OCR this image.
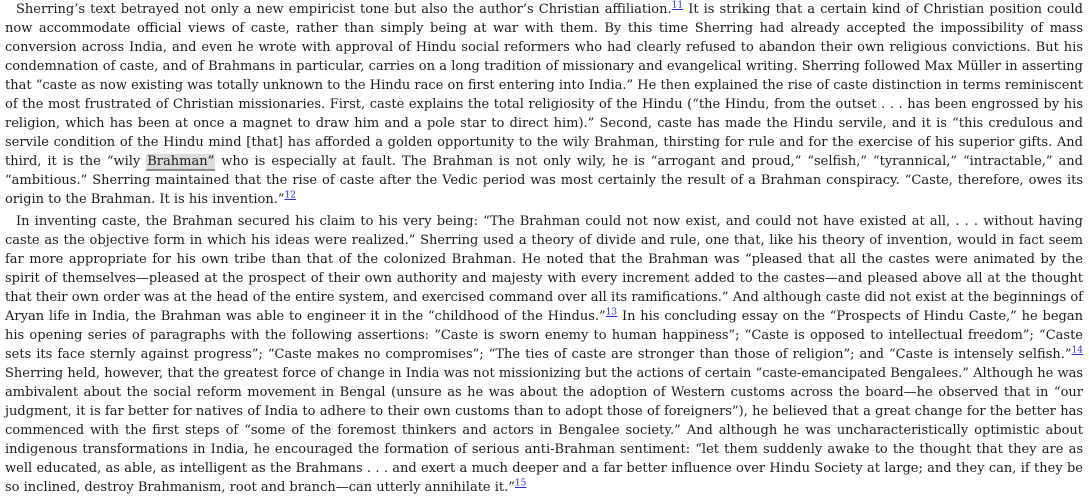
Sherring’s text betrayed not only a new empiricist tone but also the author’s Christian affiliation.$^{11}$ It is striking that a certain kind of Christian position could now accommodate official views of caste, rather than simply being at war with them. By this time Sherring had already accepted the impossibility of mass conversion across India, and even he wrote with approval of Hindu social reformers who had clearly refused to abandon their own religious convictions. But his condemnation of caste, and of Brahmans in particular, carries on a long tradition of missionary and evangelical writing. Sherring followed Max Müller in asserting that “caste as now existing was totally unknown to the Hindu race on first entering into India.” He then explained the rise of caste distinction in terms reminiscent of the most frustrated of Christian missionaries. First, caste explains the total religiosity of the Hindu (“the Hindu, from the outset . . . has been engrossed by his religion, which has been at once a magnet to draw him and a pole star to direct him).” Second, caste has made the Hindu servile, and it is “this credulous and servile condition of the Hindu mind [that] has afforded a golden opportunity to the wily Brahman, thirsting for rule and for the exercise of his superior gifts. And third, it is the “wily Brahman” who is especially at fault. The Brahman is not only wily, he is “arrogant and proud,” “selfish,” “tyrannical,” “intractable,” and “ambitious.” Sherring maintained that the rise of caste after the Vedic period was most certainly the result of a Brahman conspiracy. “Caste, therefore, owes its origin to the Brahman. It is his invention.”$^{12}$

In inventing caste, the Brahman secured his claim to his very being: “The Brahman could not now exist, and could not have existed at all, . . . without having caste as the objective form in which his ideas were realized.” Sherring used a theory of divide and rule, one that, like his theory of invention, would in fact seem far more appropriate for his own tribe than that of the colonized Brahman. He noted that the Brahman was “pleased that all the castes were animated by the spirit of themselves—pleased at the prospect of their own authority and majesty with every increment added to the castes—and pleased above all at the thought that their own order was at the head of the entire system, and exercised command over all its ramifications.” And although caste did not exist at the beginnings of Aryan life in India, the Brahman was able to engineer it in the “childhood of the Hindus.”$^{13}$ In his concluding essay on the “Prospects of Hindu Caste,” he began his opening series of paragraphs with the following assertions: “Caste is sworn enemy to human happiness”; “Caste is opposed to intellectual freedom”; “Caste sets its face sternly against progress”; “Caste makes no compromises”; “The ties of caste are stronger than those of religion”; and “Caste is intensely selfish.”$^{14}$ Sherring held, however, that the greatest force of change in India was not missionizing but the actions of certain “caste-emancipated Bengalees.” Although he was ambivalent about the social reform movement in Bengal (unsure as he was about the adoption of Western customs across the board—he observed that in “our judgment, it is far better for natives of India to adhere to their own customs than to adopt those of foreigners”), he believed that a great change for the better has commenced with the first steps of “some of the foremost thinkers and actors in Bengalee society.” And although he was uncharacteristically optimistic about indigenous transformations in India, he encouraged the formation of serious anti-Brahman sentiment: “let them suddenly awake to the thought that they are as well educated, as able, as intelligent as the Brahmans . . . and exert a much deeper and a far better influence over Hindu Society at large; and they can, if they be so inclined, destroy Brahmanism, root and branch—can utterly annihilate it.”$^{15}$
